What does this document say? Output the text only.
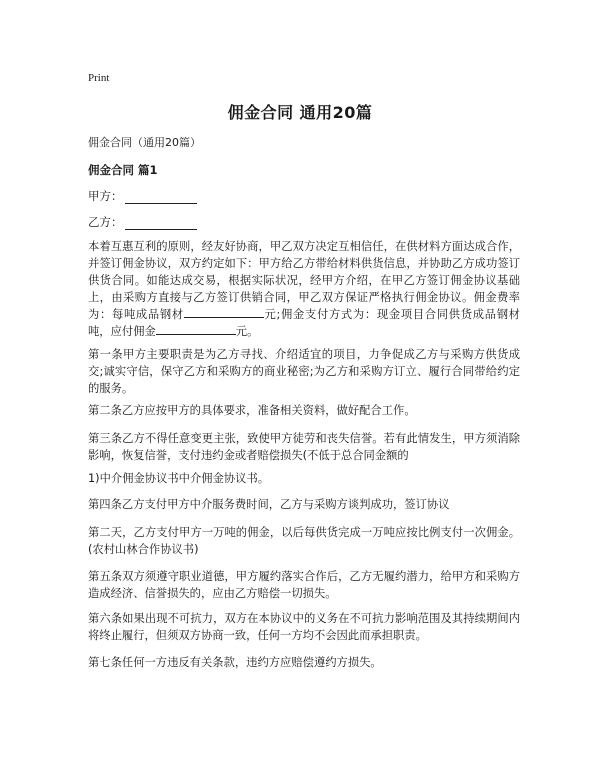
Print
佣金合同 通用20篇
佣金合同（通用20篇）
佣金合同 篇1
甲方：
乙方：
本着互惠互利的原则，经友好协商，甲乙双方决定互相信任，在供材料方面达成合作，并签订佣金协议，双方约定如下：甲方给乙方带给材料供货信息，并协助乙方成功签订供货合同。如能达成交易，根据实际状况，经甲方介绍，在甲乙方签订佣金协议基础上，由采购方直接与乙方签订供销合同，甲乙双方保证严格执行佣金协议。佣金费率为：每吨成品钢材	元;佣金支付方式为：现金项目合同供货成品钢材吨，应付佣金	元。
第一条甲方主要职责是为乙方寻找、介绍适宜的项目，力争促成乙方与采购方供货成交;诚实守信，保守乙方和采购方的商业秘密;为乙方和采购方订立、履行合同带给约定的服务。
第二条乙方应按甲方的具体要求，准备相关资料，做好配合工作。
第三条乙方不得任意变更主张，致使甲方徒劳和丧失信誉。若有此情发生，甲方须消除影响，恢复信誉，支付违约金或者赔偿损失(不低于总合同金额的
1)中介佣金协议书中介佣金协议书。
第四条乙方支付甲方中介服务费时间，乙方与采购方谈判成功，签订协议
第二天，乙方支付甲方一万吨的佣金，以后每供货完成一万吨应按比例支付一次佣金。(农村山林合作协议书)
第五条双方须遵守职业道德，甲方履约落实合作后，乙方无履约潜力，给甲方和采购方造成经济、信誉损失的，应由乙方赔偿一切损失。
第六条如果出现不可抗力，双方在本协议中的义务在不可抗力影响范围及其持续期间内将终止履行，但须双方协商一致，任何一方均不会因此而承担职责。
第七条任何一方违反有关条款，违约方应赔偿遵约方损失。
